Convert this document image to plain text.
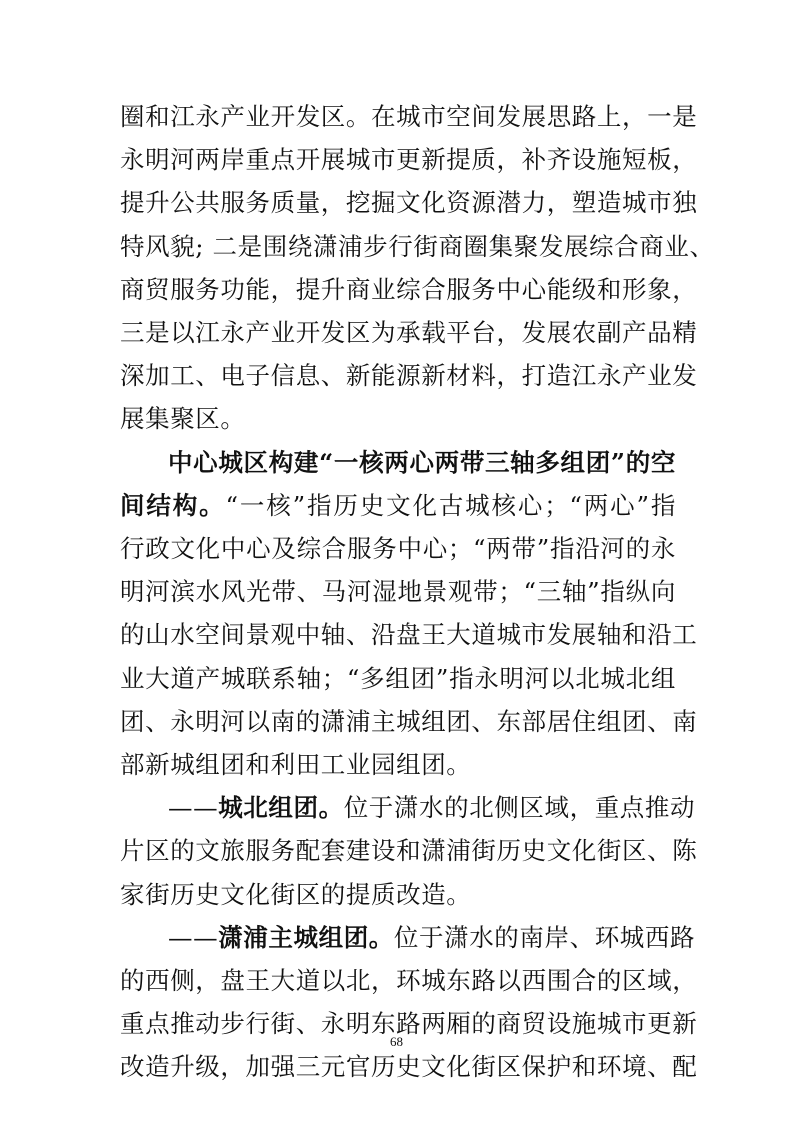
圈和江永产业开发区。在城市空间发展思路上，一是
永明河两岸重点开展城市更新提质，补齐设施短板，
提升公共服务质量，挖掘文化资源潜力，塑造城市独
特风貌; 二是围绕潇浦步行街商圈集聚发展综合商业、
商贸服务功能，提升商业综合服务中心能级和形象，
三是以江永产业开发区为承载平台，发展农副产品精
深加工、电子信息、新能源新材料，打造江永产业发
展集聚区。
中心城区构建“一核两心两带三轴多组团”的空
间结构。“一核”指历史文化古城核心；“两心”指
行政文化中心及综合服务中心；“两带”指沿河的永
明河滨水风光带、马河湿地景观带；“三轴”指纵向
的山水空间景观中轴、沿盘王大道城市发展轴和沿工
业大道产城联系轴；“多组团”指永明河以北城北组
团、永明河以南的潇浦主城组团、东部居住组团、南
部新城组团和利田工业园组团。
——城北组团。位于潇水的北侧区域，重点推动
片区的文旅服务配套建设和潇浦街历史文化街区、陈
家街历史文化街区的提质改造。
——潇浦主城组团。位于潇水的南岸、环城西路
的西侧，盘王大道以北，环城东路以西围合的区域，
重点推动步行街、永明东路两厢的商贸设施城市更新
68
改造升级，加强三元官历史文化街区保护和环境、配
